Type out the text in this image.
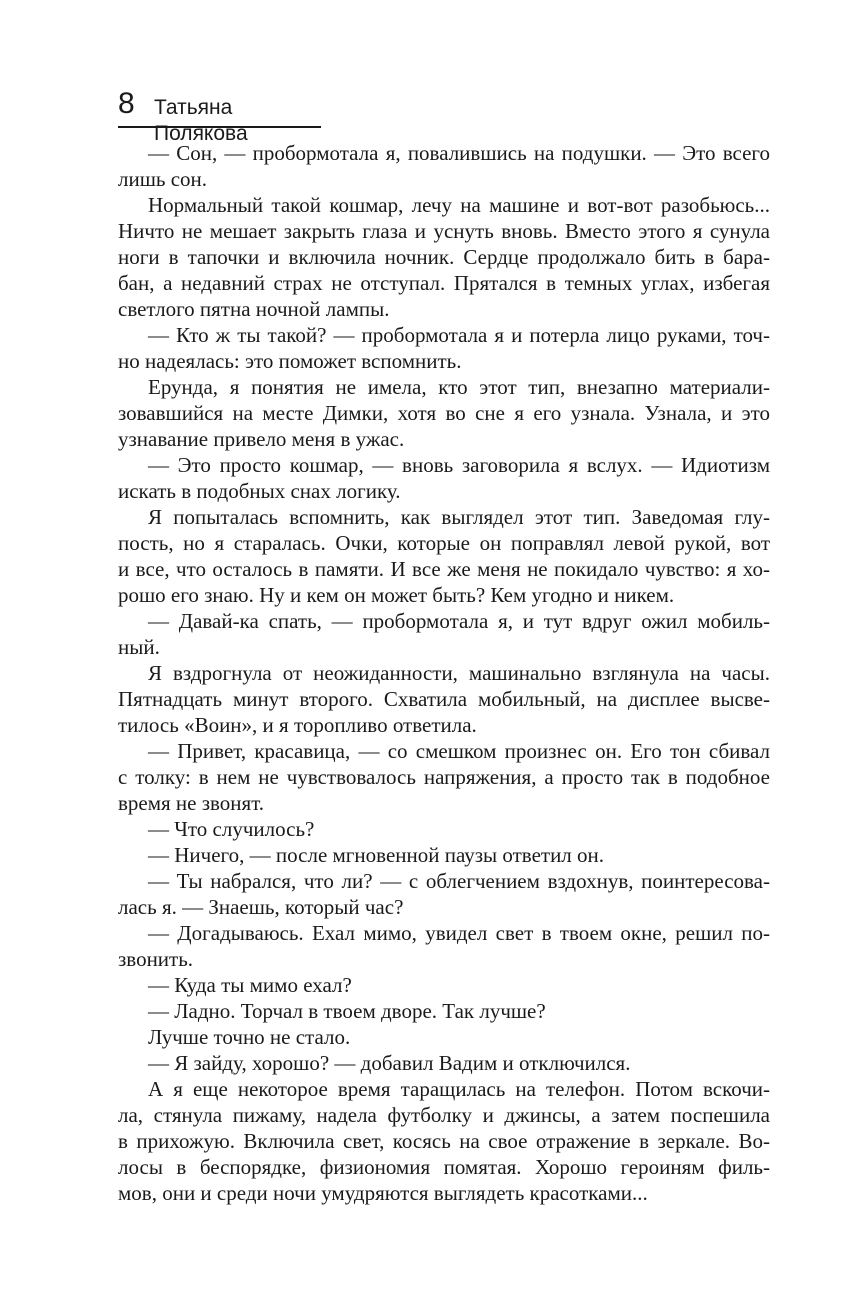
8 Татьяна Полякова
— Сон, — пробормотала я, повалившись на подушки. — Это всего
лишь сон.
Нормальный такой кошмар, лечу на машине и вот-вот разобьюсь...
Ничто не мешает закрыть глаза и уснуть вновь. Вместо этого я сунула
ноги в тапочки и включила ночник. Сердце продолжало бить в бара-
бан, а недавний страх не отступал. Прятался в темных углах, избегая
светлого пятна ночной лампы.
— Кто ж ты такой? — пробормотала я и потерла лицо руками, точ-
но надеялась: это поможет вспомнить.
Ерунда, я понятия не имела, кто этот тип, внезапно материали-
зовавшийся на месте Димки, хотя во сне я его узнала. Узнала, и это
узнавание привело меня в ужас.
— Это просто кошмар, — вновь заговорила я вслух. — Идиотизм
искать в подобных снах логику.
Я попыталась вспомнить, как выглядел этот тип. Заведомая глу-
пость, но я старалась. Очки, которые он поправлял левой рукой, вот
и все, что осталось в памяти. И все же меня не покидало чувство: я хо-
рошо его знаю. Ну и кем он может быть? Кем угодно и никем.
— Давай-ка спать, — пробормотала я, и тут вдруг ожил мобиль-
ный.
Я вздрогнула от неожиданности, машинально взглянула на часы.
Пятнадцать минут второго. Схватила мобильный, на дисплее высве-
тилось «Воин», и я торопливо ответила.
— Привет, красавица, — со смешком произнес он. Его тон сбивал
с толку: в нем не чувствовалось напряжения, а просто так в подобное
время не звонят.
— Что случилось?
— Ничего, — после мгновенной паузы ответил он.
— Ты набрался, что ли? — с облегчением вздохнув, поинтересова-
лась я. — Знаешь, который час?
— Догадываюсь. Ехал мимо, увидел свет в твоем окне, решил по-
звонить.
— Куда ты мимо ехал?
— Ладно. Торчал в твоем дворе. Так лучше?
Лучше точно не стало.
— Я зайду, хорошо? — добавил Вадим и отключился.
А я еще некоторое время таращилась на телефон. Потом вскочи-
ла, стянула пижаму, надела футболку и джинсы, а затем поспешила
в прихожую. Включила свет, косясь на свое отражение в зеркале. Во-
лосы в беспорядке, физиономия помятая. Хорошо героиням филь-
мов, они и среди ночи умудряются выглядеть красотками...
